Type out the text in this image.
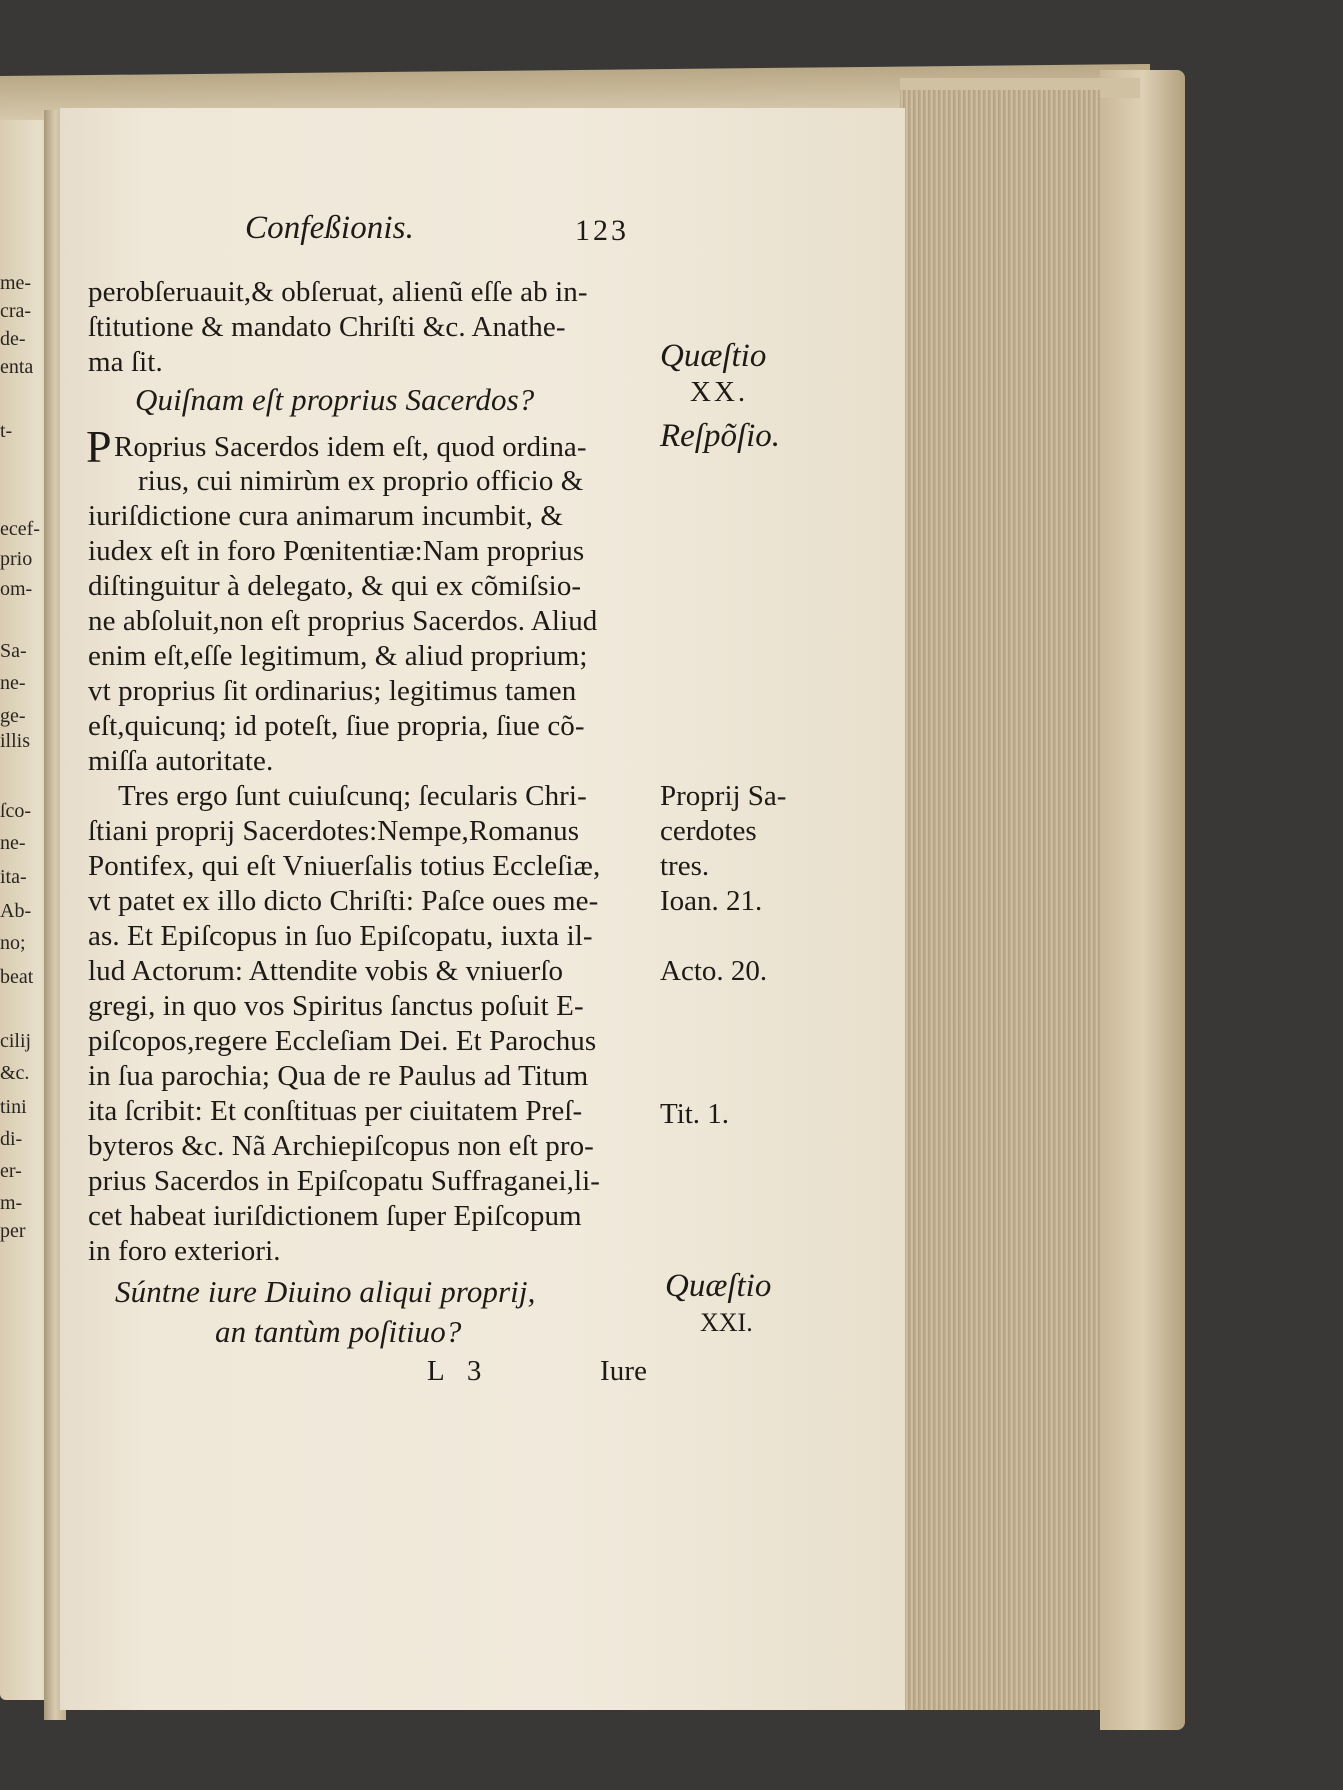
me-
cra-
de-
enta
t-
ecef-
prio
om-
Sa-
ne-
ge-
illis
ſco-
ne-
ita-
Ab-
no;
beat
cilij
&c.
tini
di-
er-
m-
per
Confeßionis.	123
perobſeruauit,& obſeruat, alienũ eſſe ab in-
ſtitutione & mandato Chriſti &c. Anathe-
ma ſit.
Quiſnam eſt proprius Sacerdos?
P Roprius Sacerdos idem eſt, quod ordina-
rius, cui nimirùm ex proprio officio &
iuriſdictione cura animarum incumbit, &
iudex eſt in foro Pœnitentiæ:Nam proprius
diſtinguitur à delegato, & qui ex cõmiſsio-
ne abſoluit,non eſt proprius Sacerdos. Aliud
enim eſt,eſſe legitimum, & aliud proprium;
vt proprius ſit ordinarius; legitimus tamen
eſt,quicunq; id poteſt, ſiue propria, ſiue cõ-
miſſa autoritate.
Tres ergo ſunt cuiuſcunq; ſecularis Chri-
ſtiani proprij Sacerdotes:Nempe,Romanus
Pontifex, qui eſt Vniuerſalis totius Eccleſiæ,
vt patet ex illo dicto Chriſti: Paſce oues me-
as. Et Epiſcopus in ſuo Epiſcopatu, iuxta il-
lud Actorum: Attendite vobis & vniuerſo
gregi, in quo vos Spiritus ſanctus poſuit E-
piſcopos,regere Eccleſiam Dei. Et Parochus
in ſua parochia; Qua de re Paulus ad Titum
ita ſcribit: Et conſtituas per ciuitatem Preſ-
byteros &c. Nã Archiepiſcopus non eſt pro-
prius Sacerdos in Epiſcopatu Suffraganei,li-
cet habeat iuriſdictionem ſuper Epiſcopum
in foro exteriori.
Súntne iure Diuino aliqui proprij,
an tantùm poſitiuo?
L 3	Iure
Quæſtio
XX.
Reſpõſio.
Proprij Sa-
cerdotes
tres.
Ioan. 21.
Acto. 20.
Tit. 1.
Quæſtio
XXI.
